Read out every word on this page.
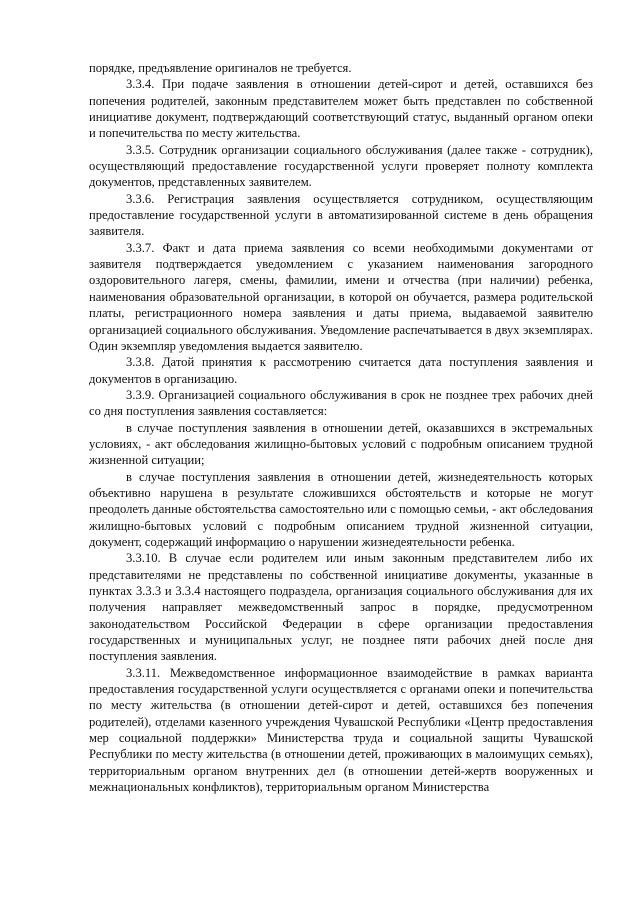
порядке, предъявление оригиналов не требуется.

3.3.4. При подаче заявления в отношении детей-сирот и детей, оставшихся без попечения родителей, законным представителем может быть представлен по собственной инициативе документ, подтверждающий соответствующий статус, выданный органом опеки и попечительства по месту жительства.

3.3.5. Сотрудник организации социального обслуживания (далее также - сотрудник), осуществляющий предоставление государственной услуги проверяет полноту комплекта документов, представленных заявителем.

3.3.6. Регистрация заявления осуществляется сотрудником, осуществляющим предоставление государственной услуги в автоматизированной системе в день обращения заявителя.

3.3.7. Факт и дата приема заявления со всеми необходимыми документами от заявителя подтверждается уведомлением с указанием наименования загородного оздоровительного лагеря, смены, фамилии, имени и отчества (при наличии) ребенка, наименования образовательной организации, в которой он обучается, размера родительской платы, регистрационного номера заявления и даты приема, выдаваемой заявителю организацией социального обслуживания. Уведомление распечатывается в двух экземплярах. Один экземпляр уведомления выдается заявителю.

3.3.8. Датой принятия к рассмотрению считается дата поступления заявления и документов в организацию.

3.3.9. Организацией социального обслуживания в срок не позднее трех рабочих дней со дня поступления заявления составляется:

в случае поступления заявления в отношении детей, оказавшихся в экстремальных условиях, - акт обследования жилищно-бытовых условий с подробным описанием трудной жизненной ситуации;

в случае поступления заявления в отношении детей, жизнедеятельность которых объективно нарушена в результате сложившихся обстоятельств и которые не могут преодолеть данные обстоятельства самостоятельно или с помощью семьи, - акт обследования жилищно-бытовых условий с подробным описанием трудной жизненной ситуации, документ, содержащий информацию о нарушении жизнедеятельности ребенка.

3.3.10. В случае если родителем или иным законным представителем либо их представителями не представлены по собственной инициативе документы, указанные в пунктах 3.3.3 и 3.3.4 настоящего подраздела, организация социального обслуживания для их получения направляет межведомственный запрос в порядке, предусмотренном законодательством Российской Федерации в сфере организации предоставления государственных и муниципальных услуг, не позднее пяти рабочих дней после дня поступления заявления.

3.3.11. Межведомственное информационное взаимодействие в рамках варианта предоставления государственной услуги осуществляется с органами опеки и попечительства по месту жительства (в отношении детей-сирот и детей, оставшихся без попечения родителей), отделами казенного учреждения Чувашской Республики «Центр предоставления мер социальной поддержки» Министерства труда и социальной защиты Чувашской Республики по месту жительства (в отношении детей, проживающих в малоимущих семьях), территориальным органом внутренних дел (в отношении детей-жертв вооруженных и межнациональных конфликтов), территориальным органом Министерства
